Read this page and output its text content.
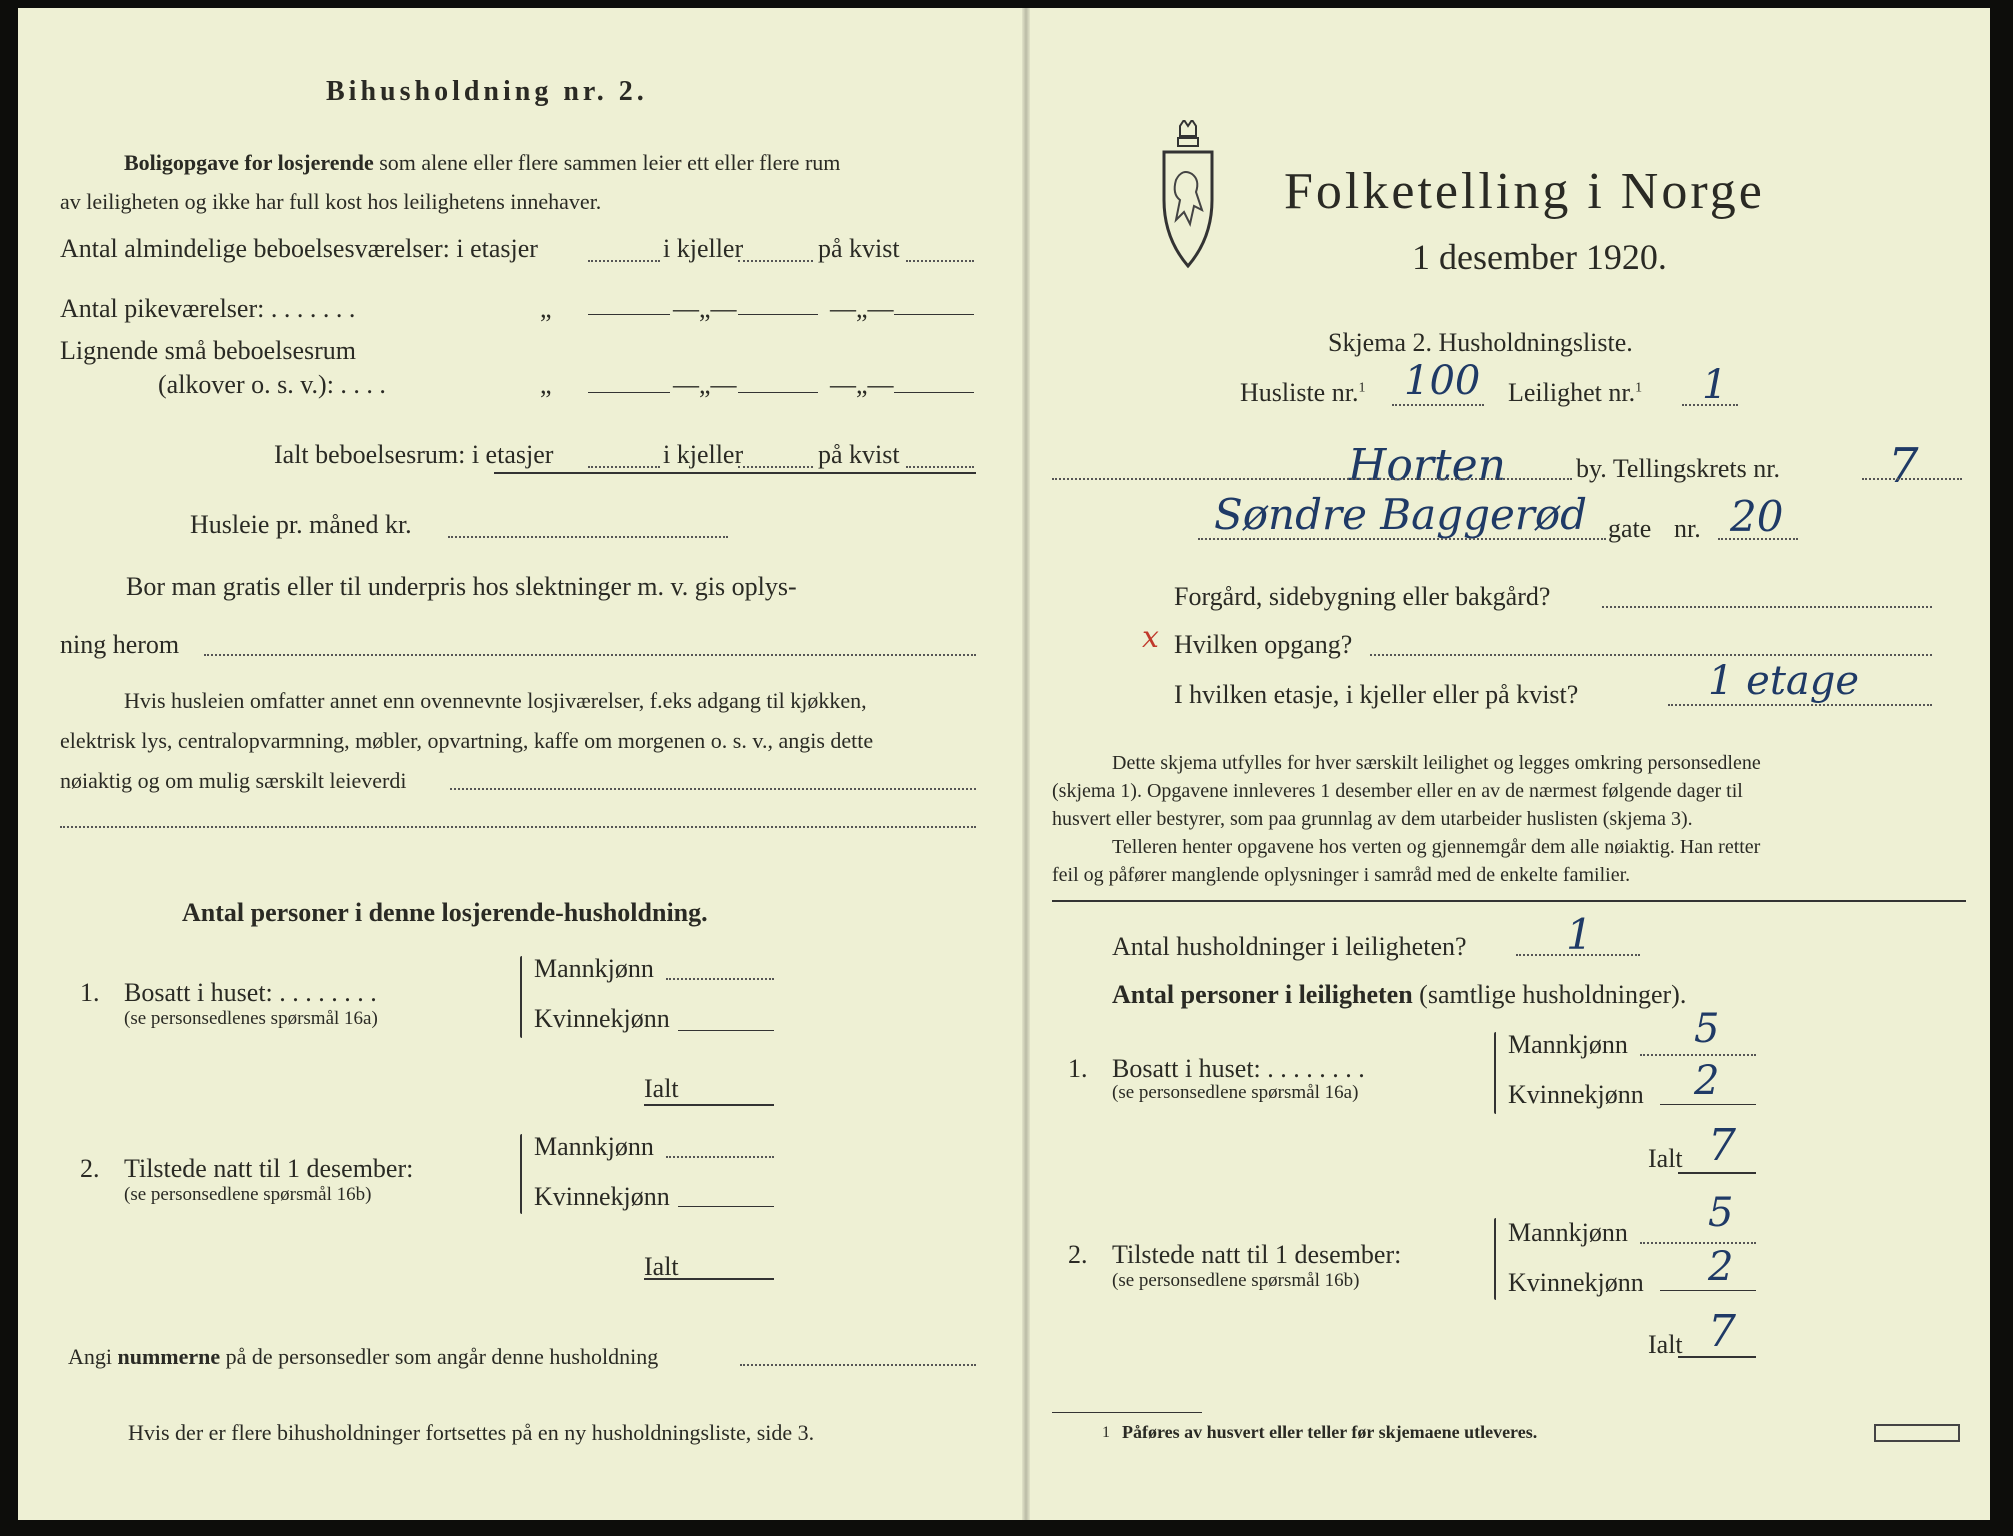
Bihusholdning nr. 2.
Boligopgave for losjerende som alene eller flere sammen leier ett eller flere rum
av leiligheten og ikke har full kost hos leilighetens innehaver.
Antal almindelige beboelsesværelser: i etasjer	i kjeller	på kvist
Antal pikeværelser: . . . . . . .	„	—„—	—„—
Lignende små beboelsesrum
(alkover o. s. v.): . . . .	„	—„—	—„—
Ialt beboelsesrum: i etasjer	i kjeller	på kvist
Husleie pr. måned kr.
Bor man gratis eller til underpris hos slektninger m. v. gis oplys-
ning herom
Hvis husleien omfatter annet enn ovennevnte losjiværelser, f.eks adgang til kjøkken,
elektrisk lys, centralopvarmning, møbler, opvartning, kaffe om morgenen o. s. v., angis dette
nøiaktig og om mulig særskilt leieverdi
Antal personer i denne losjerende-husholdning.
1. Bosatt i huset: . . . . . . . .
(se personsedlenes spørsmål 16a)
Mannkjønn
Kvinnekjønn
Ialt
2. Tilstede natt til 1 desember:
(se personsedlene spørsmål 16b)
Mannkjønn
Kvinnekjønn
Ialt
Angi nummerne på de personsedler som angår denne husholdning
Hvis der er flere bihusholdninger fortsettes på en ny husholdningsliste, side 3.
Folketelling i Norge
1 desember 1920.
Skjema 2. Husholdningsliste.
Husliste nr.$^1$ 100 Leilighet nr.$^1$ 1
Horten	by. Tellingskrets nr. 7
Søndre Baggerød gate nr. 20
Forgård, sidebygning eller bakgård?
x Hvilken opgang?
I hvilken etasje, i kjeller eller på kvist?	1 etage
Dette skjema utfylles for hver særskilt leilighet og legges omkring personsedlene
(skjema 1). Opgavene innleveres 1 desember eller en av de nærmest følgende dager til
husvert eller bestyrer, som paa grunnlag av dem utarbeider huslisten (skjema 3).
Telleren henter opgavene hos verten og gjennemgår dem alle nøiaktig. Han retter
feil og påfører manglende oplysninger i samråd med de enkelte familier.
Antal husholdninger i leiligheten? 1
Antal personer i leiligheten (samtlige husholdninger).
1. Bosatt i huset: . . . . . . . .
(se personsedlene spørsmål 16a)
Mannkjønn 5
Kvinnekjønn 2
Ialt 7
2. Tilstede natt til 1 desember:
(se personsedlene spørsmål 16b)
Mannkjønn 5
Kvinnekjønn 2
Ialt 7
1 Påføres av husvert eller teller før skjemaene utleveres.
